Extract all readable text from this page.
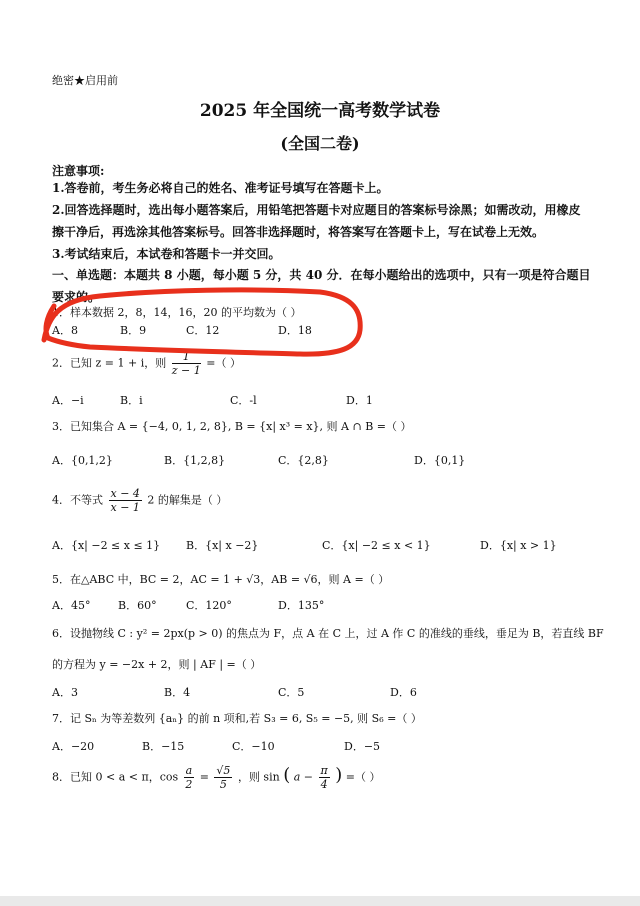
绝密★启用前
2025 年全国统一高考数学试卷
(全国二卷)
注意事项:
1.答卷前，考生务必将自己的姓名、准考证号填写在答题卡上。
2.回答选择题时，选出每小题答案后，用铅笔把答题卡对应题目的答案标号涂黑；如需改动，用橡皮擦干净后，再选涂其他答案标号。回答非选择题时，将答案写在答题卡上，写在试卷上无效。
3.考试结束后，本试卷和答题卡一并交回。
一、单选题：本题共 8 小题，每小题 5 分，共 40 分．在每小题给出的选项中，只有一项是符合题目要求的。
1．样本数据 2，8，14，16，20 的平均数为（ ）
A．8	B．9	C．12	D．18
2．已知 z = 1 + i，则 $\frac{1}{z - 1}$ =（ ）
A．−i	B．i	C．-l	D．1
3．已知集合 A = {−4, 0, 1, 2, 8}, B = {x| x³ = x}, 则 A ∩ B =（ ）
A．{0,1,2}	B．{1,2,8}	C．{2,8}	D．{0,1}
4．不等式 $\frac{x - 4}{x - 1} 2$ 的解集是（ ）
A．{x| −2 ≤ x ≤ 1} B．{x| x −2}	C．{x| −2 ≤ x < 1}	D．{x| x > 1}
5．在△ABC 中，BC = 2，AC = 1 + √3，AB = √6，则 A =（ ）
A．45°	B．60°	C．120°	D．135°
6．设抛物线 C : y² = 2px(p > 0) 的焦点为 F，点 A 在 C 上，过 A 作 C 的准线的垂线，垂足为 B，若直线 BF
的方程为 y = −2x + 2，则 | AF | =（ ）
A．3	B．4	C．5	D．6
7．记 Sₙ 为等差数列 {aₙ} 的前 n 项和,若 S₃ = 6, S₅ = −5, 则 S₆ =（ ）
A．−20	B．−15	C．−10	D．−5
8．已知 0 < a < π，$\cos \frac{a}{2} = \frac{√5}{5}$ ，则 sin ( $a - \frac{\pi}{4}$ ) =（ ）
